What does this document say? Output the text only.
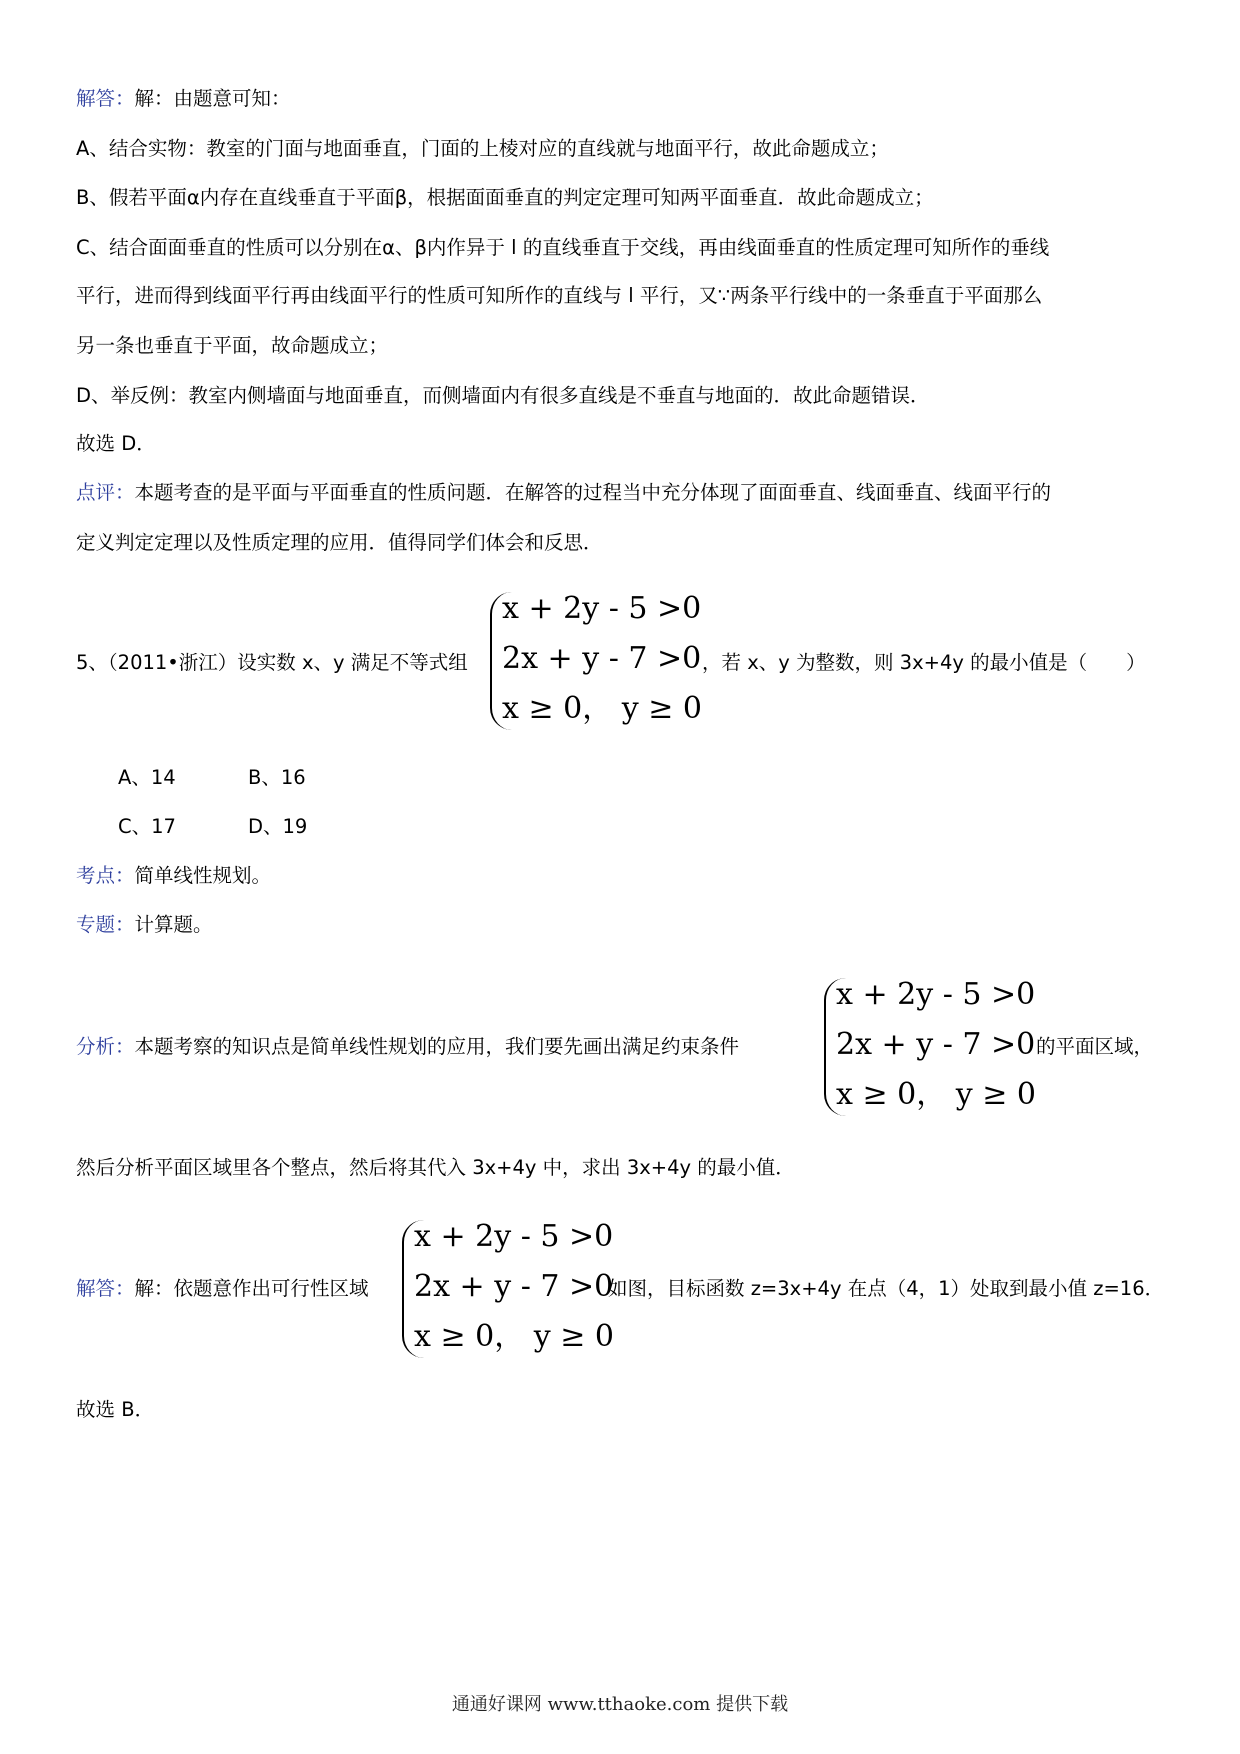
解答：解：由题意可知：
A、结合实物：教室的门面与地面垂直，门面的上棱对应的直线就与地面平行，故此命题成立；
B、假若平面α内存在直线垂直于平面β，根据面面垂直的判定定理可知两平面垂直．故此命题成立；
C、结合面面垂直的性质可以分别在α、β内作异于 l 的直线垂直于交线，再由线面垂直的性质定理可知所作的垂线
平行，进而得到线面平行再由线面平行的性质可知所作的直线与 l 平行，又∵两条平行线中的一条垂直于平面那么
另一条也垂直于平面，故命题成立；
D、举反例：教室内侧墙面与地面垂直，而侧墙面内有很多直线是不垂直与地面的．故此命题错误．
故选 D．
点评：本题考查的是平面与平面垂直的性质问题．在解答的过程当中充分体现了面面垂直、线面垂直、线面平行的
定义判定定理以及性质定理的应用．值得同学们体会和反思．
5、（2011•浙江）设实数 x、y 满足不等式组
x + 2y - 5 >0
2x + y - 7 >0
x ≥ 0， y ≥ 0
，若 x、y 为整数，则 3x+4y 的最小值是（　　）
A、14	B、16
C、17	D、19
考点：简单线性规划。
专题：计算题。
分析：本题考察的知识点是简单线性规划的应用，我们要先画出满足约束条件
x + 2y - 5 >0
2x + y - 7 >0
x ≥ 0， y ≥ 0
的平面区域，
然后分析平面区域里各个整点，然后将其代入 3x+4y 中，求出 3x+4y 的最小值．
解答：解：依题意作出可行性区域
x + 2y - 5 >0
2x + y - 7 >0
x ≥ 0， y ≥ 0
如图，目标函数 z=3x+4y 在点（4，1）处取到最小值 z=16．
故选 B．
通通好课网 www.tthaoke.com 提供下载
